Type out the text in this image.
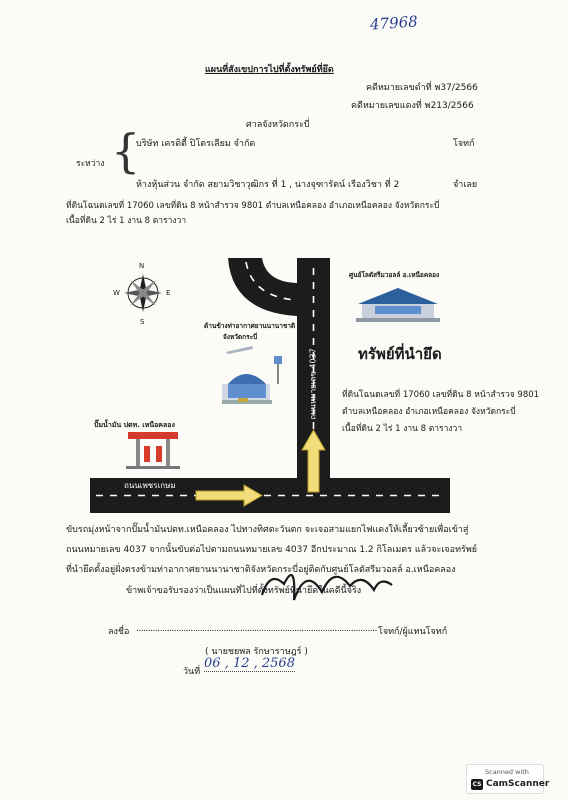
47968
แผนที่สังเขปการไปที่ตั้งทรัพย์ที่ยึด
คดีหมายเลขดำที่ พ37/2566
คดีหมายเลขแดงที่ พ213/2566
ศาลจังหวัดกระบี่
ระหว่าง {
บริษัท เครดิตี้ ปิโตรเลียม จำกัด	โจทก์
ห้างหุ้นส่วน จำกัด สยามวิชาวุฒิกร ที่ 1 , นางจุฑารัตน์ เรืองวิชา ที่ 2	จำเลย
ที่ดินโฉนดเลขที่ 17060 เลขที่ดิน 8 หน้าสำรวจ 9801 ตำบลเหนือคลอง อำเภอเหนือคลอง จังหวัดกระบี่
เนื้อที่ดิน 2 ไร่ 1 งาน 8 ตารางวา
N
S
E
W
ด้านข้างท่าอากาศยานนานาชาติ
จังหวัดกระบี่
ศูนย์โลตัสรีมวอลล์ อ.เหนือคลอง
ปั๊มน้ำมัน ปตท. เหนือคลอง
ถนนหมายเลข 4037
ถนนเพชรเกษม
ทรัพย์ที่นำยึด
ที่ดินโฉนดเลขที่ 17060 เลขที่ดิน 8 หน้าสำรวจ 9801
ตำบลเหนือคลอง อำเภอเหนือคลอง จังหวัดกระบี่
เนื้อที่ดิน 2 ไร่ 1 งาน 8 ตารางวา
ขับรถมุ่งหน้าจากปั๊มน้ำมันปตท.เหนือคลอง ไปทางทิศตะวันตก จะเจอสามแยกไฟแดงให้เลี้ยวซ้ายเพื่อเข้าสู่
ถนนหมายเลข 4037 จากนั้นขับต่อไปตามถนนหมายเลข 4037 อีกประมาณ 1.2 กิโลเมตร แล้วจะเจอทรัพย์
ที่นำยึดตั้งอยู่ฝั่งตรงข้ามท่าอากาศยานนานาชาติจังหวัดกระบี่อยู่ติดกับศูนย์โลตัสรีมวอลล์ อ.เหนือคลอง
ข้าพเจ้าขอรับรองว่าเป็นแผนที่ไปที่ตั้งทรัพย์ที่นำยึดในคดีนี้จริง
ลงชื่อ ...................................................................................................... โจทก์/ผู้แทนโจทก์
( นายชยพล รักษาราษฎร์ )
วันที่
06 , 12 , 2568
Scanned with
CS CamScanner
